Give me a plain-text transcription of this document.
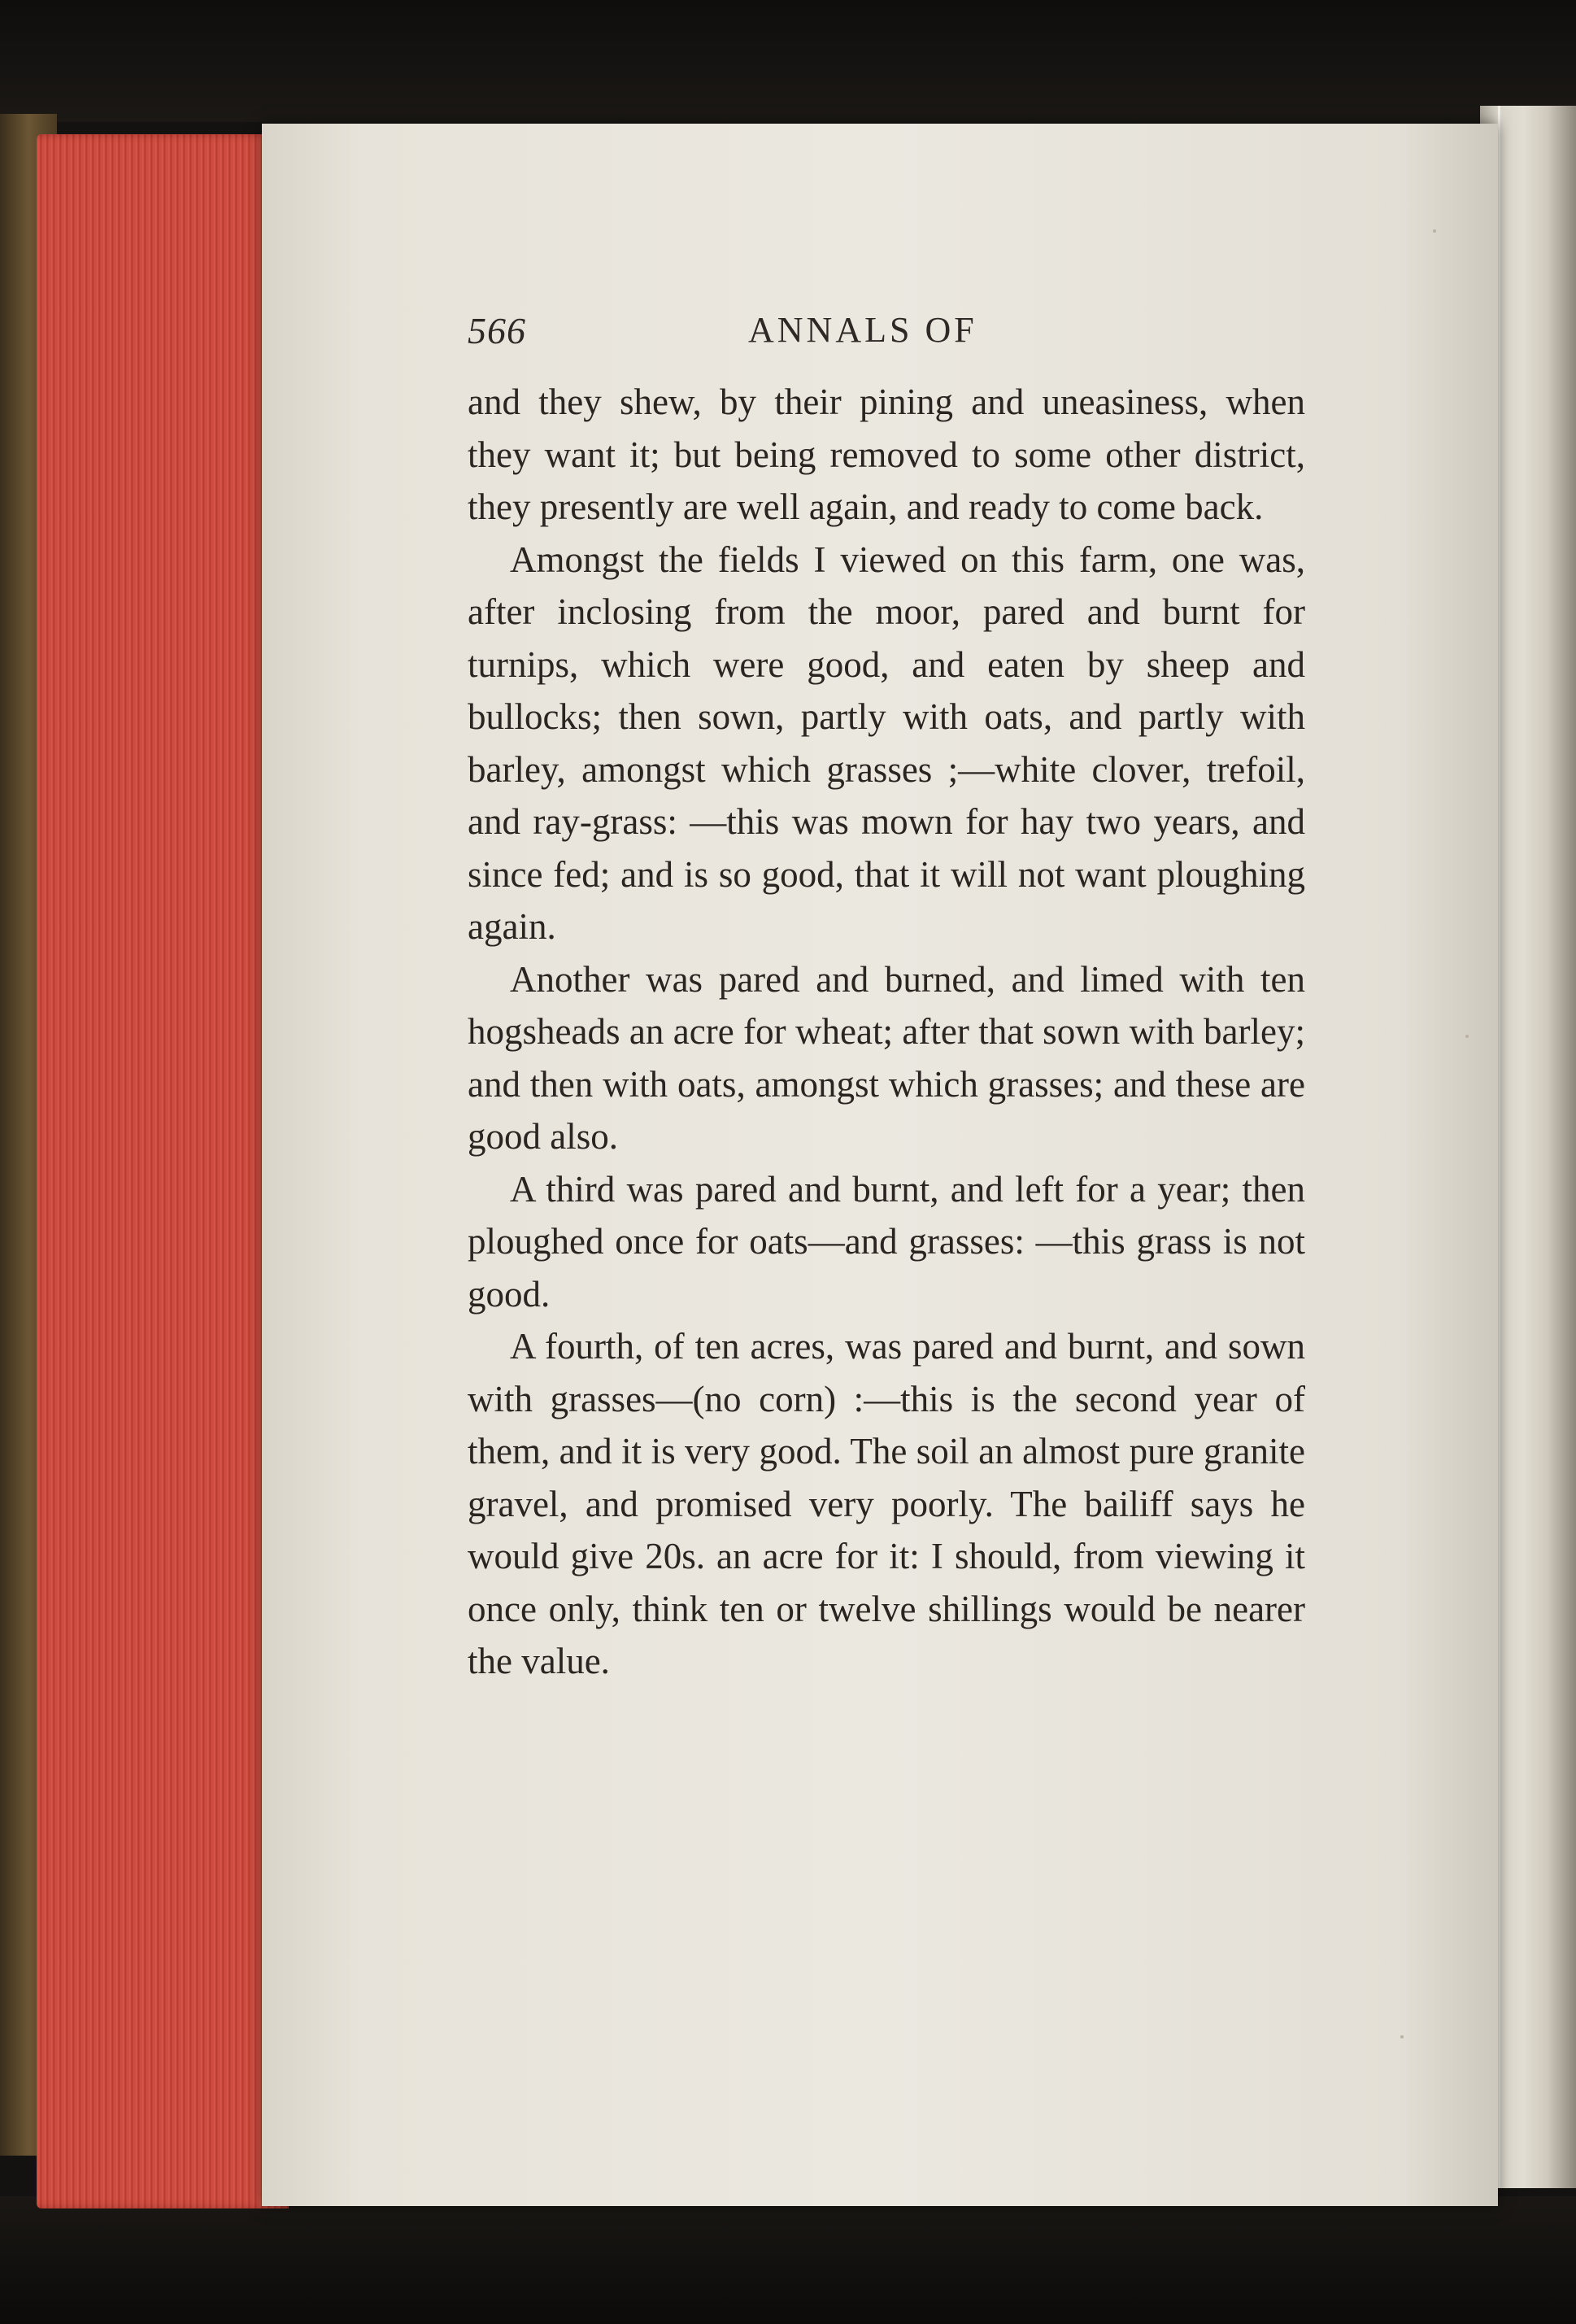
566	ANNALS OF

and they shew, by their pining and uneasiness, when they want it; but being removed to some other district, they presently are well again, and ready to come back.

Amongst the fields I viewed on this farm, one was, after inclosing from the moor, pared and burnt for turnips, which were good, and eaten by sheep and bullocks; then sown, partly with oats, and partly with barley, amongst which grasses ;—white clover, trefoil, and ray-grass: —this was mown for hay two years, and since fed; and is so good, that it will not want ploughing again.

Another was pared and burned, and limed with ten hogsheads an acre for wheat; after that sown with barley; and then with oats, amongst which grasses; and these are good also.

A third was pared and burnt, and left for a year; then ploughed once for oats—and grasses: —this grass is not good.

A fourth, of ten acres, was pared and burnt, and sown with grasses—(no corn) :—this is the second year of them, and it is very good. The soil an almost pure granite gravel, and promised very poorly. The bailiff says he would give 20s. an acre for it: I should, from viewing it once only, think ten or twelve shillings would be nearer the value.
